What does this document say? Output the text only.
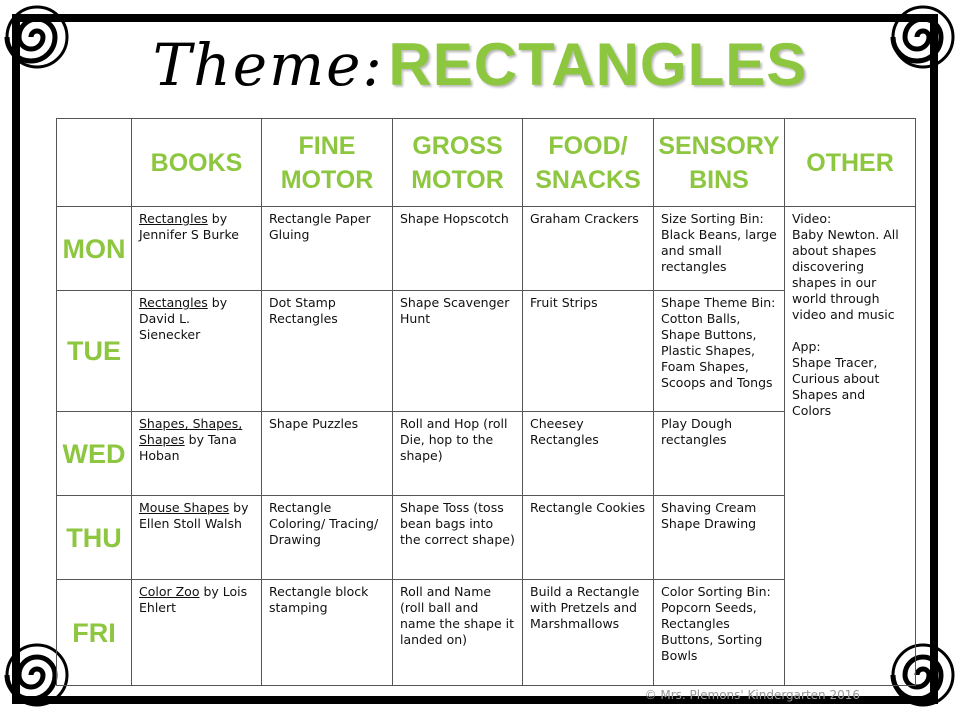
Theme: RECTANGLES
	BOOKS	FINE MOTOR	GROSS MOTOR	FOOD/ SNACKS	SENSORY BINS	OTHER
MON	Rectangles by Jennifer S Burke	Rectangle Paper Gluing	Shape Hopscotch	Graham Crackers	Size Sorting Bin: Black Beans, large and small rectangles	Video:
Baby Newton. All about shapes discovering shapes in our world through video and music

App:
Shape Tracer, Curious about Shapes and Colors
TUE	Rectangles by David L. Sienecker	Dot Stamp Rectangles	Shape Scavenger Hunt	Fruit Strips	Shape Theme Bin: Cotton Balls, Shape Buttons, Plastic Shapes, Foam Shapes, Scoops and Tongs	
WED	Shapes, Shapes, Shapes by Tana Hoban	Shape Puzzles	Roll and Hop (roll Die, hop to the shape)	Cheesey Rectangles	Play Dough rectangles	
THU	Mouse Shapes by Ellen Stoll Walsh	Rectangle Coloring/ Tracing/ Drawing	Shape Toss (toss bean bags into the correct shape)	Rectangle Cookies	Shaving Cream Shape Drawing	
FRI	Color Zoo by Lois Ehlert	Rectangle block stamping	Roll and Name (roll ball and name the shape it landed on)	Build a Rectangle with Pretzels and Marshmallows	Color Sorting Bin: Popcorn Seeds, Rectangles Buttons, Sorting Bowls	
© Mrs. Plemons' Kindergarten 2016
